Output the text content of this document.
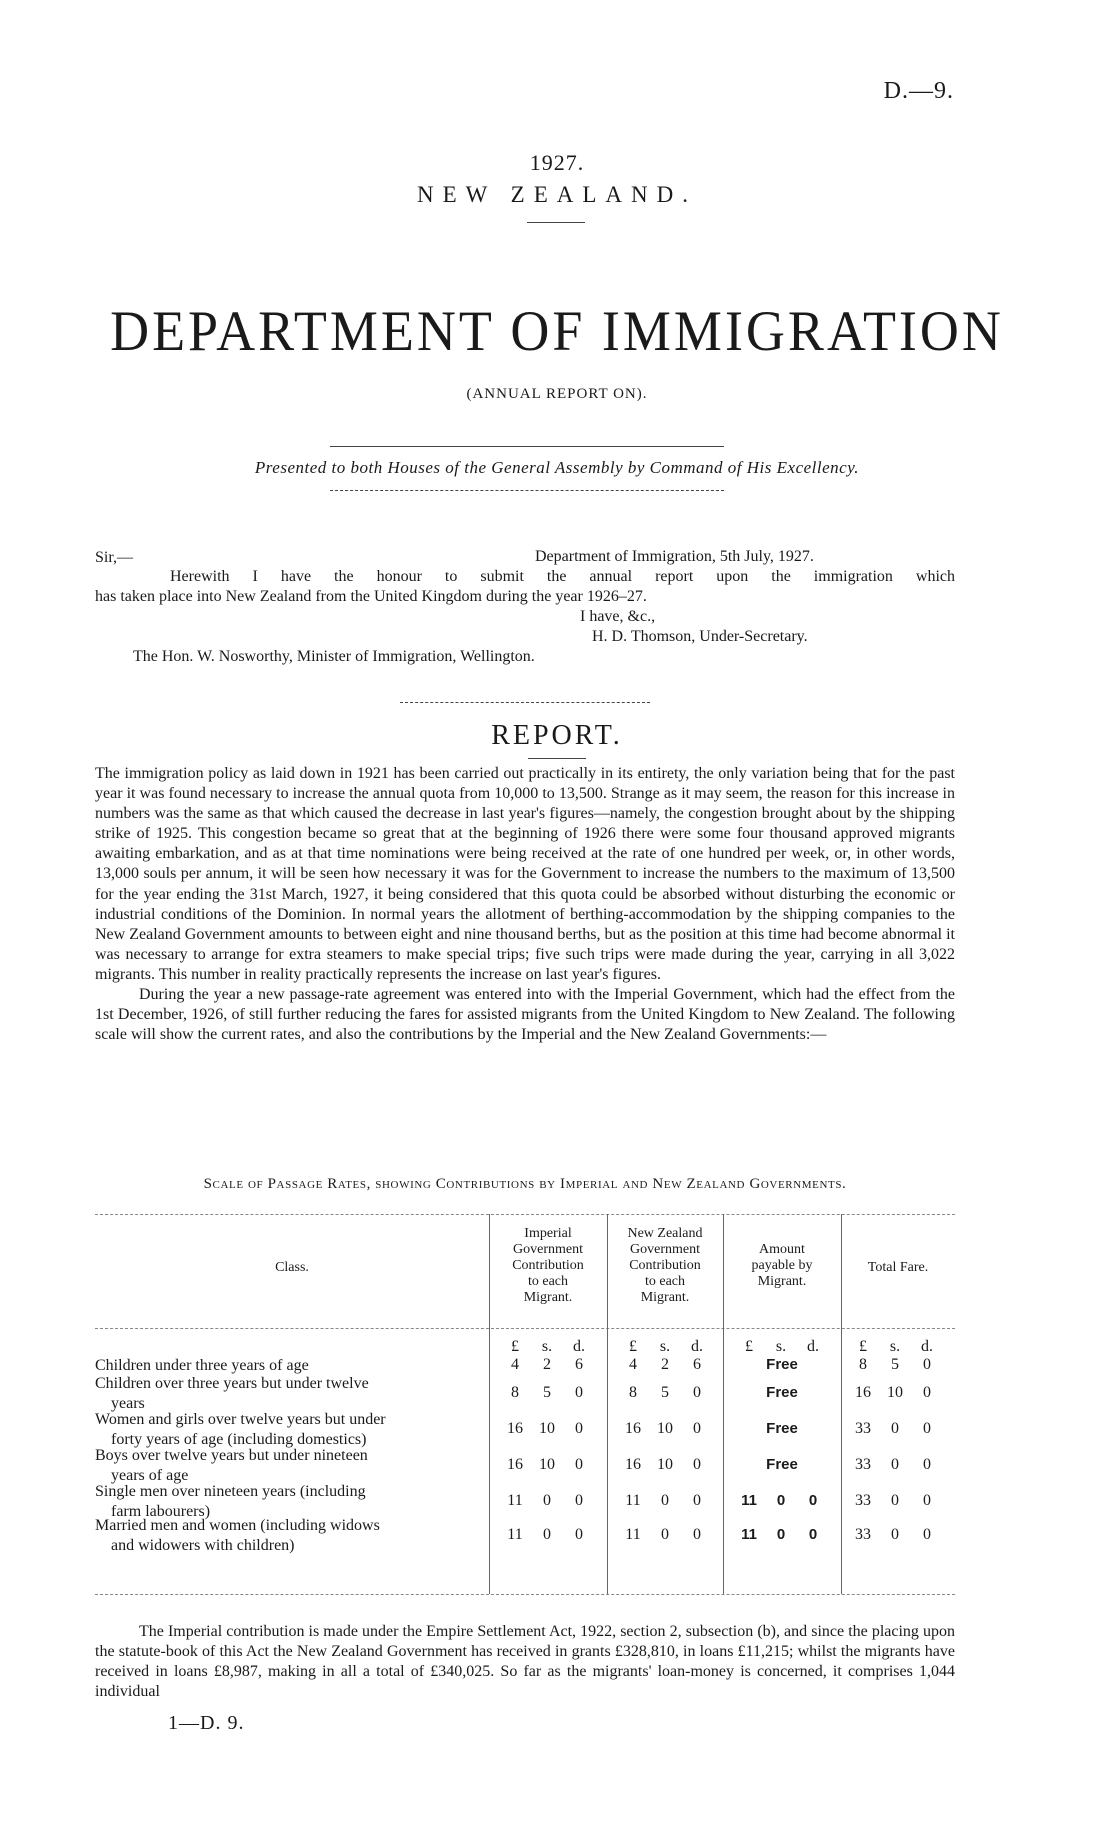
D.—9.
1927.
NEW ZEALAND.
DEPARTMENT OF IMMIGRATION
(ANNUAL REPORT ON).
Presented to both Houses of the General Assembly by Command of His Excellency.
Sir,—	Department of Immigration, 5th July, 1927.
Herewith I have the honour to submit the annual report upon the immigration which
has taken place into New Zealand from the United Kingdom during the year 1926–27.
I have, &c.,
H. D. Thomson, Under-Secretary.
The Hon. W. Nosworthy, Minister of Immigration, Wellington.
REPORT.

The immigration policy as laid down in 1921 has been carried out practically in its entirety, the only variation being that for the past year it was found necessary to increase the annual quota from 10,000 to 13,500. Strange as it may seem, the reason for this increase in numbers was the same as that which caused the decrease in last year's figures—namely, the congestion brought about by the shipping strike of 1925. This congestion became so great that at the beginning of 1926 there were some four thousand approved migrants awaiting embarkation, and as at that time nominations were being received at the rate of one hundred per week, or, in other words, 13,000 souls per annum, it will be seen how necessary it was for the Government to increase the numbers to the maximum of 13,500 for the year ending the 31st March, 1927, it being considered that this quota could be absorbed without disturbing the economic or industrial conditions of the Dominion. In normal years the allotment of berthing-accommodation by the shipping companies to the New Zealand Government amounts to between eight and nine thousand berths, but as the position at this time had become abnormal it was necessary to arrange for extra steamers to make special trips; five such trips were made during the year, carrying in all 3,022 migrants. This number in reality practically represents the increase on last year's figures.

During the year a new passage-rate agreement was entered into with the Imperial Government, which had the effect from the 1st December, 1926, of still further reducing the fares for assisted migrants from the United Kingdom to New Zealand. The following scale will show the current rates, and also the contributions by the Imperial and the New Zealand Governments:—

Scale of Passage Rates, showing Contributions by Imperial and New Zealand Governments.
Class.
Imperial
Government
Contribution
to each
Migrant.
New Zealand
Government
Contribution
to each
Migrant.
Amount
payable by
Migrant.
Total Fare.
£	s.	d.	£	s.	d.	£	s.	d.	£	s.	d.
Children under three years of age	4	2	6	4	2	6	Free	8	5	0
Children over three years but under twelve
years
8	5	0	8	5	0	Free	16 10	0
Women and girls over twelve years but under
forty years of age (including domestics)
16 10	0	16 10	0	Free	33	0	0
Boys over twelve years but under nineteen
years of age
16 10	0	16 10	0	Free	33	0	0
Single men over nineteen years (including
farm labourers)
11	0	0	11	0	0	11	0	0	33	0	0
Married men and women (including widows
and widowers with children)
11	0	0	11	0	0	11	0	0	33	0	0
The Imperial contribution is made under the Empire Settlement Act, 1922, section 2, subsection (b), and since the placing upon the statute-book of this Act the New Zealand Government has received in grants £328,810, in loans £11,215; whilst the migrants have received in loans £8,987, making in all a total of £340,025. So far as the migrants' loan-money is concerned, it comprises 1,044 individual
1—D. 9.
